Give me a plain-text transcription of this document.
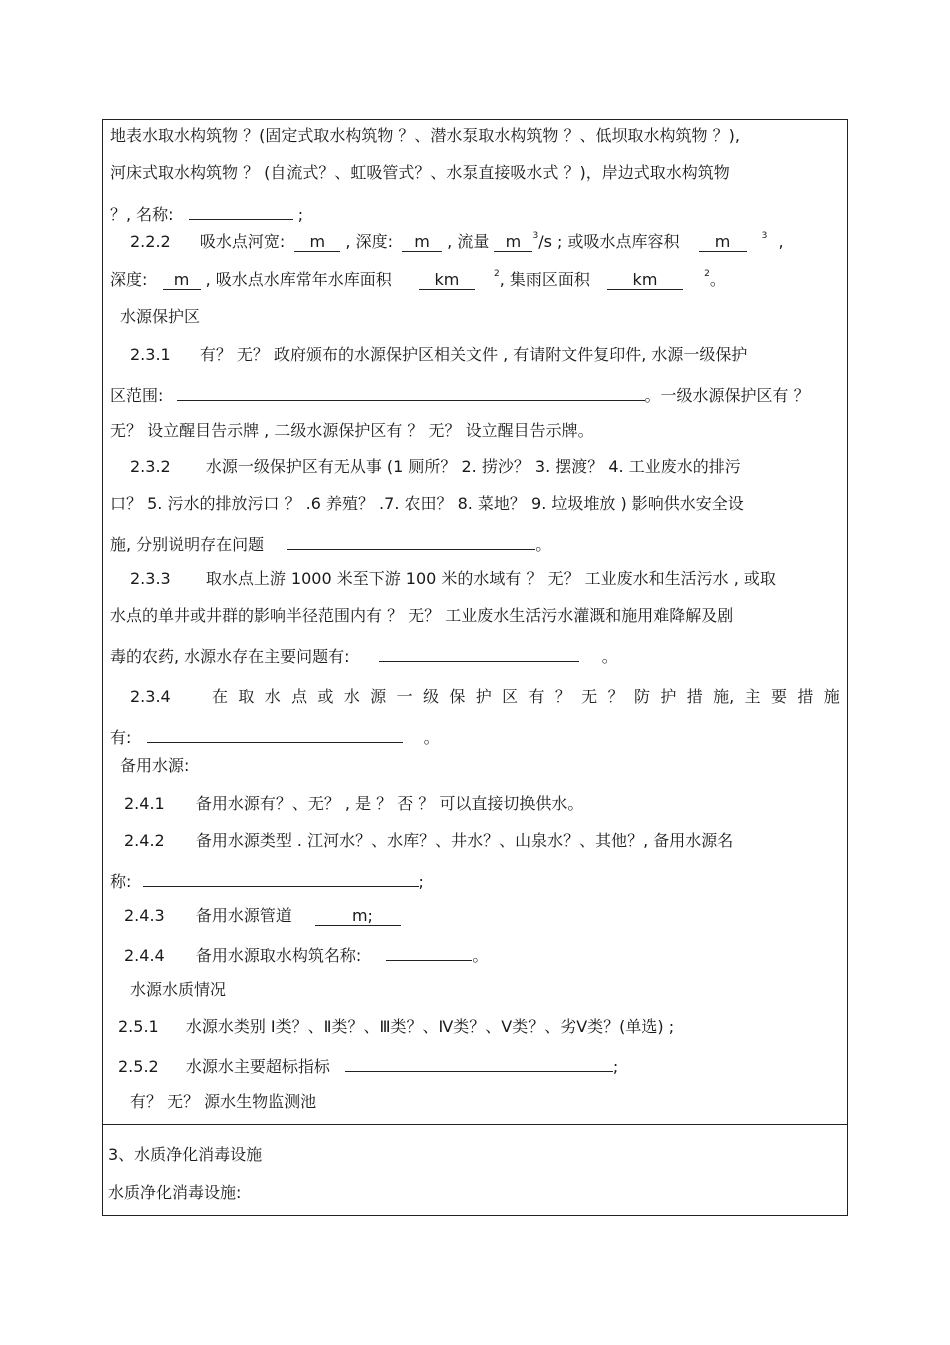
地表水取水构筑物 ？(固定式取水构筑物 ？、潜水泵取水构筑物 ？、低坝取水构筑物 ？),
河床式取水构筑物 ？ (自流式？、虹吸管式？、水泵直接吸水式 ？)，岸边式取水构筑物
？, 名称:	;
2.2.2 吸水点河宽: m , 深度: m , 流量 m $^3$/s ; 或吸水点库容积 m	$^3$ ,
深度: m , 吸水点水库常年水库面积	km	$^2$, 集雨区面积	km	$^2$。
水源保护区
2.3.1 有？ 无？ 政府颁布的水源保护区相关文件 , 有请附文件复印件, 水源一级保护
区范围:	。一级水源保护区有 ？
无？ 设立醒目告示牌 , 二级水源保护区有 ？ 无？ 设立醒目告示牌。
2.3.2 水源一级保护区有无从事 (1 厕所？ 2. 捞沙？ 3. 摆渡？ 4. 工业废水的排污
口？ 5. 污水的排放污口 ？ .6 养殖？ .7. 农田？ 8. 菜地？ 9. 垃圾堆放 ) 影响供水安全设
施, 分别说明存在问题	。
2.3.3 取水点上游 1000 米至下游 100 米的水域有 ？ 无？ 工业废水和生活污水 , 或取
水点的单井或井群的影响半径范围内有 ？ 无？ 工业废水生活污水灌溉和施用难降解及剧
毒的农药, 水源水存在主要问题有:	。
2.3.4	在 取 水 点 或 水 源 一 级 保 护 区 有 ？ 无 ？ 防 护 措 施, 主 要 措 施
有:	。
备用水源:
2.4.1 备用水源有？、无？ , 是 ？ 否 ？ 可以直接切换供水。
2.4.2 备用水源类型 . 江河水？、水库？、井水？、山泉水？、其他？, 备用水源名
称:	;
2.4.3 备用水源管道	m;
2.4.4 备用水源取水构筑名称:	。
水源水质情况
2.5.1 水源水类别 Ⅰ类？、Ⅱ类？、Ⅲ类？、Ⅳ类？、Ⅴ类？、劣Ⅴ类？(单选) ;
2.5.2 水源水主要超标指标	;
有？ 无？ 源水生物监测池
3、水质净化消毒设施
水质净化消毒设施:
